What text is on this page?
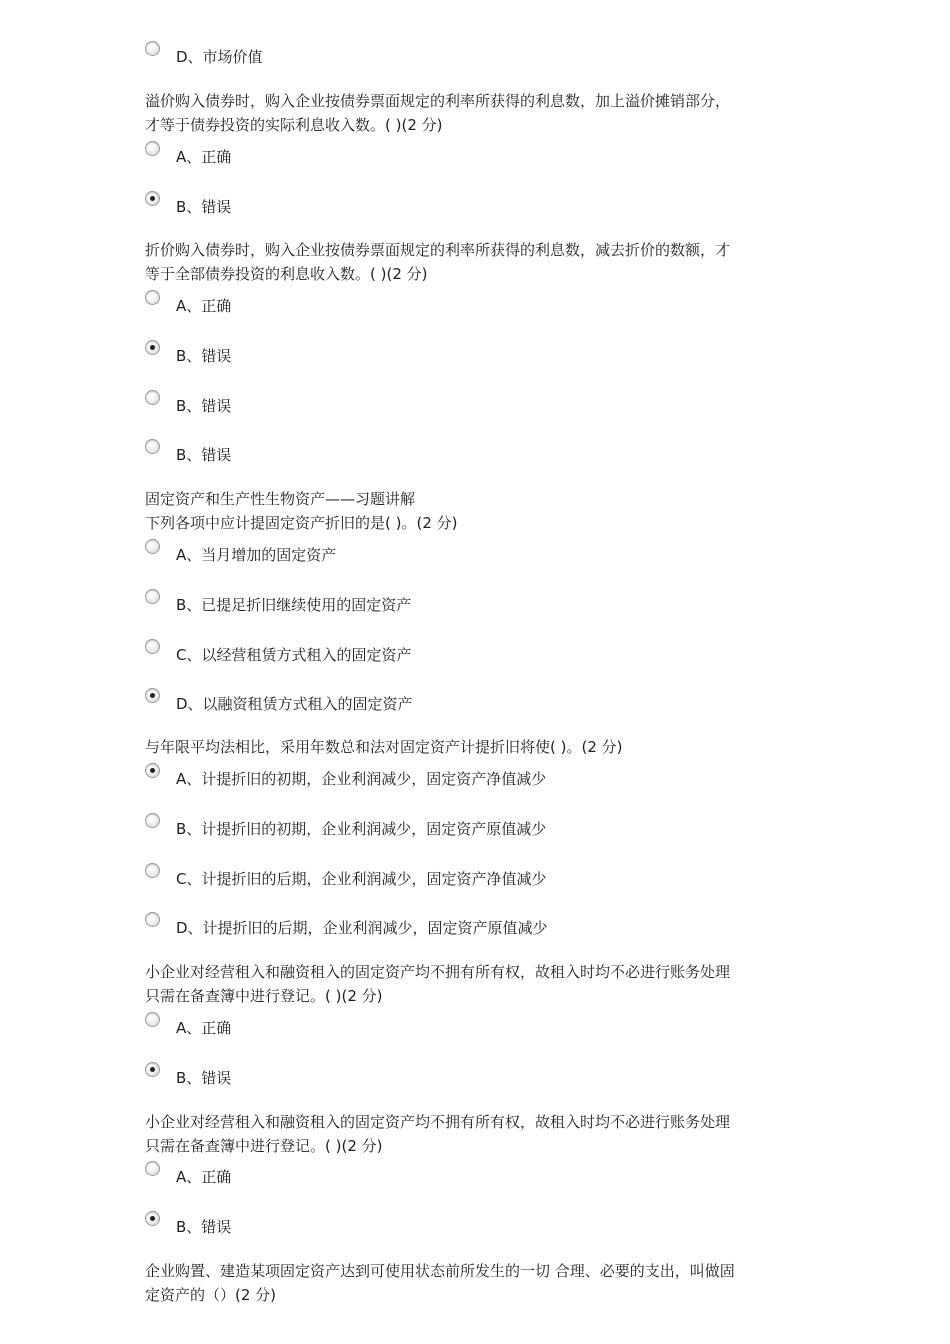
D、市场价值

溢价购入债券时，购入企业按债券票面规定的利率所获得的利息数，加上溢价摊销部分，

才等于债券投资的实际利息收入数。( )(2 分)

A、正确
B、错误

折价购入债券时，购入企业按债券票面规定的利率所获得的利息数，减去折价的数额，才

等于全部债券投资的利息收入数。( )(2 分)

A、正确
B、错误
B、错误
B、错误
固定资产和生产性生物资产——习题讲解

下列各项中应计提固定资产折旧的是( )。(2 分)

A、当月增加的固定资产
B、已提足折旧继续使用的固定资产
C、以经营租赁方式租入的固定资产
D、以融资租赁方式租入的固定资产

与年限平均法相比，采用年数总和法对固定资产计提折旧将使( )。(2 分)

A、计提折旧的初期，企业利润减少，固定资产净值减少
B、计提折旧的初期，企业利润减少，固定资产原值减少
C、计提折旧的后期，企业利润减少，固定资产净值减少
D、计提折旧的后期，企业利润减少，固定资产原值减少

小企业对经营租入和融资租入的固定资产均不拥有所有权，故租入时均不必进行账务处理

只需在备查簿中进行登记。( )(2 分)

A、正确
B、错误

小企业对经营租入和融资租入的固定资产均不拥有所有权，故租入时均不必进行账务处理

只需在备查簿中进行登记。( )(2 分)

A、正确
B、错误

企业购置、建造某项固定资产达到可使用状态前所发生的一切 合理、必要的支出，叫做固

定资产的（）(2 分)
